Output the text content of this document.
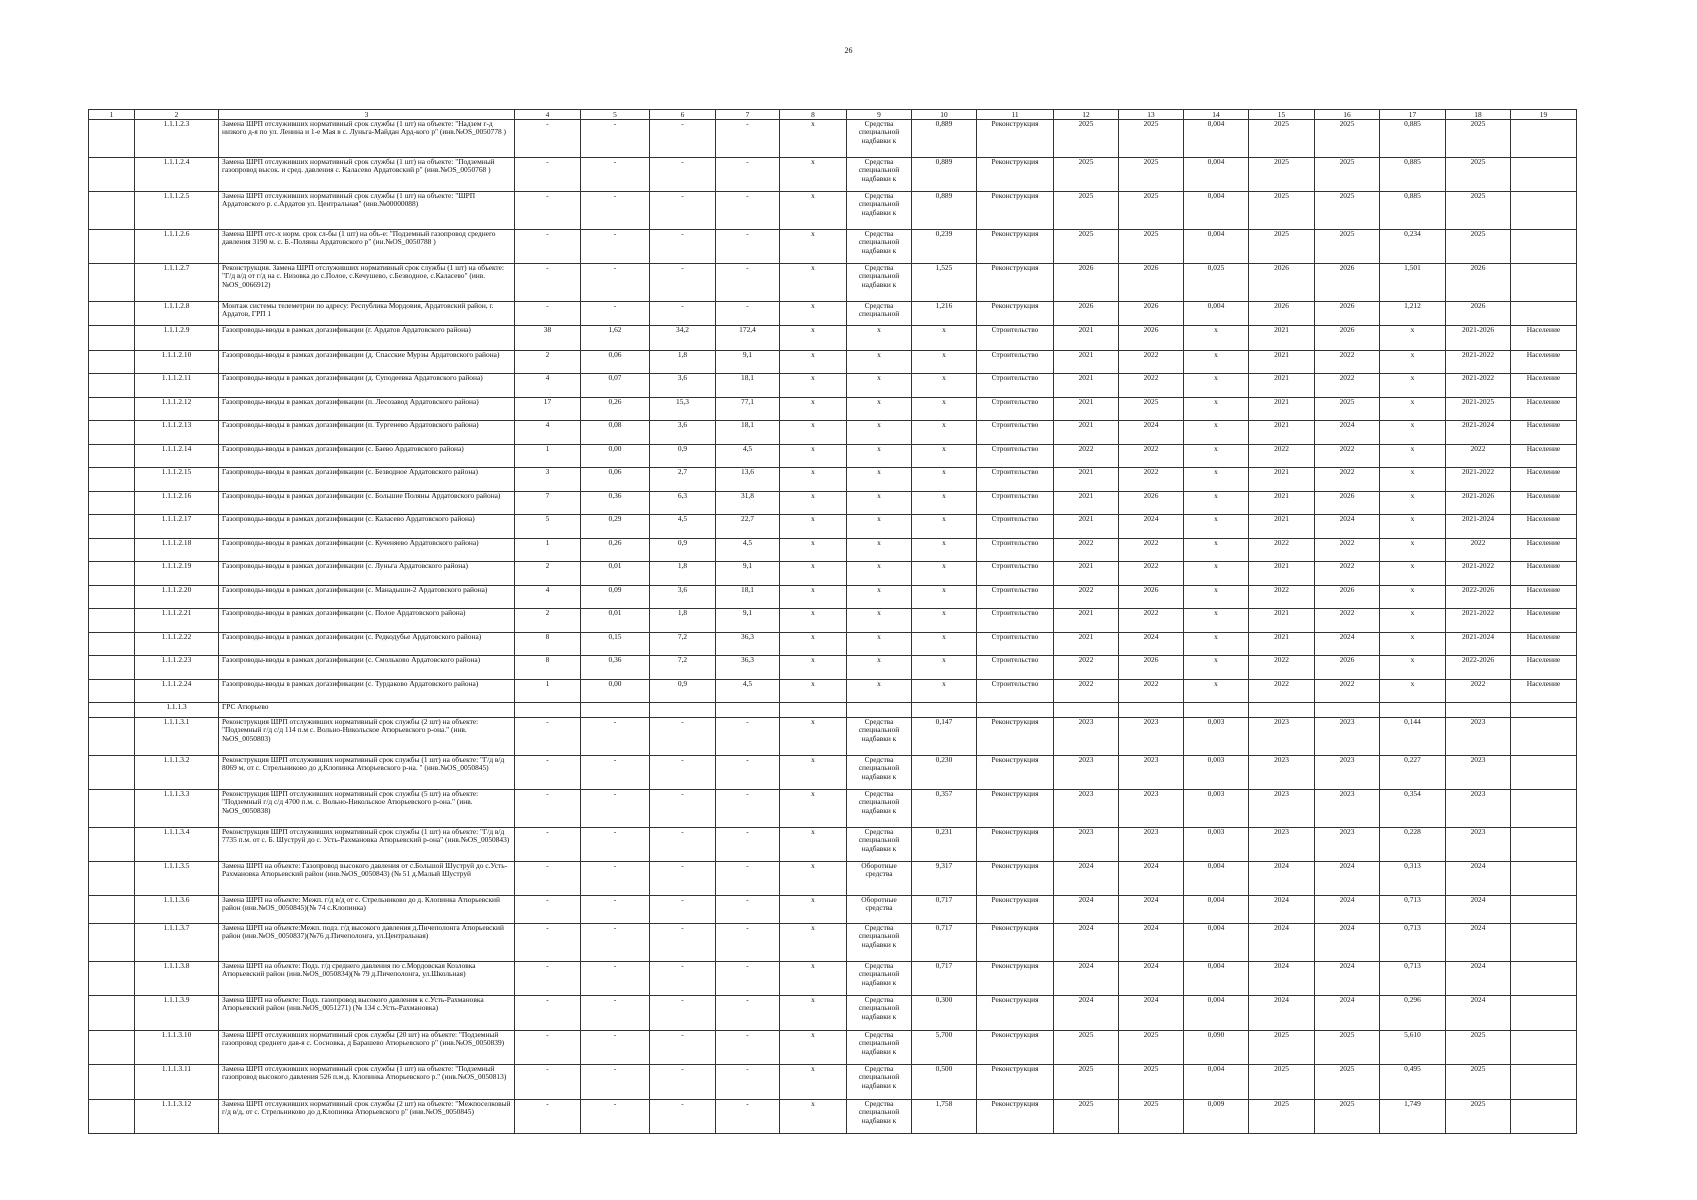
26
1	2	3	4	5	6	7	8	9	10	11	12	13	14	15	16	17	18	19
	1.1.1.2.3	Замена ШРП отслуживших нормативный срок службы (1 шт) на объекте: "Надзем г-д низкого д-я по ул. Ленина и 1-е Мая в с. Луньга-Майдан Ард-кого р" (инв.№OS_0050778 )	-	-	-	-	x	Средства специальной надбавки к	0,889	Реконструкция	2025	2025	0,004	2025	2025	0,885	2025	
	1.1.1.2.4	Замена ШРП отслуживших нормативный срок службы (1 шт) на объекте: "Подземный газопровод высок. и сред. давления с. Каласево Ардатовский р" (инв.№OS_0050768 )	-	-	-	-	x	Средства специальной надбавки к	0,889	Реконструкция	2025	2025	0,004	2025	2025	0,885	2025	
	1.1.1.2.5	Замена ШРП отслуживших нормативный срок службы (1 шт) на объекте: "ШРП Ардатовского р. с.Ардатов ул. Центральная" (инв.№00000088)	-	-	-	-	x	Средства специальной надбавки к	0,889	Реконструкция	2025	2025	0,004	2025	2025	0,885	2025	
	1.1.1.2.6	Замена ШРП отс-х норм. срок сл-бы (1 шт) на объ-е: "Подземный газопровод среднего давления 3190 м. с. Б.-Поляны Ардатовского р" (ин.№OS_0050788 )	-	-	-	-	x	Средства специальной надбавки к	0,239	Реконструкция	2025	2025	0,004	2025	2025	0,234	2025	
	1.1.1.2.7	Реконструкция. Замена ШРП отслуживших нормативный срок службы (1 шт) на объекте: "Г/д в/д от г/д на с. Низовка до с.Полое, с.Кечушево, с.Безводное, с.Каласево" (инв.№OS_0066912)	-	-	-	-	x	Средства специальной надбавки к	1,525	Реконструкция	2026	2026	0,025	2026	2026	1,501	2026	
	1.1.1.2.8	Монтаж системы телеметрии по адресу: Республика Мордовия, Ардатовский район, г. Ардатов, ГРП 1	-	-	-	-	x	Средства специальной	1,216	Реконструкция	2026	2026	0,004	2026	2026	1,212	2026	
	1.1.1.2.9	Газопроводы-вводы в рамках догазификации (г. Ардатов Ардатовского района)	38	1,62	34,2	172,4	x	x	x	Строительство	2021	2026	x	2021	2026	x	2021-2026	Население
	1.1.1.2.10	Газопроводы-вводы в рамках догазификации (д. Спасские Мурзы Ардатовского района)	2	0,06	1,8	9,1	x	x	x	Строительство	2021	2022	x	2021	2022	x	2021-2022	Население
	1.1.1.2.11	Газопроводы-вводы в рамках догазификации (д. Суподеевка Ардатовского района)	4	0,07	3,6	18,1	x	x	x	Строительство	2021	2022	x	2021	2022	x	2021-2022	Население
	1.1.1.2.12	Газопроводы-вводы в рамках догазификации (п. Лесозавод Ардатовского района)	17	0,26	15,3	77,1	x	x	x	Строительство	2021	2025	x	2021	2025	x	2021-2025	Население
	1.1.1.2.13	Газопроводы-вводы в рамках догазификации (п. Тургенево Ардатовского района)	4	0,08	3,6	18,1	x	x	x	Строительство	2021	2024	x	2021	2024	x	2021-2024	Население
	1.1.1.2.14	Газопроводы-вводы в рамках догазификации (с. Баево Ардатовского района)	1	0,00	0,9	4,5	x	x	x	Строительство	2022	2022	x	2022	2022	x	2022	Население
	1.1.1.2.15	Газопроводы-вводы в рамках догазификации (с. Безводное Ардатовского района)	3	0,06	2,7	13,6	x	x	x	Строительство	2021	2022	x	2021	2022	x	2021-2022	Население
	1.1.1.2.16	Газопроводы-вводы в рамках догазификации (с. Большие Поляны Ардатовского района)	7	0,36	6,3	31,8	x	x	x	Строительство	2021	2026	x	2021	2026	x	2021-2026	Население
	1.1.1.2.17	Газопроводы-вводы в рамках догазификации (с. Каласево Ардатовского района)	5	0,29	4,5	22,7	x	x	x	Строительство	2021	2024	x	2021	2024	x	2021-2024	Население
	1.1.1.2.18	Газопроводы-вводы в рамках догазификации (с. Кученяево Ардатовского района)	1	0,26	0,9	4,5	x	x	x	Строительство	2022	2022	x	2022	2022	x	2022	Население
	1.1.1.2.19	Газопроводы-вводы в рамках догазификации (с. Луньга Ардатовского района)	2	0,01	1,8	9,1	x	x	x	Строительство	2021	2022	x	2021	2022	x	2021-2022	Население
	1.1.1.2.20	Газопроводы-вводы в рамках догазификации (с. Манадыши-2 Ардатовского района)	4	0,09	3,6	18,1	x	x	x	Строительство	2022	2026	x	2022	2026	x	2022-2026	Население
	1.1.1.2.21	Газопроводы-вводы в рамках догазификации (с. Полое Ардатовского района)	2	0,01	1,8	9,1	x	x	x	Строительство	2021	2022	x	2021	2022	x	2021-2022	Население
	1.1.1.2.22	Газопроводы-вводы в рамках догазификации (с. Редкодубье Ардатовского района)	8	0,15	7,2	36,3	x	x	x	Строительство	2021	2024	x	2021	2024	x	2021-2024	Население
	1.1.1.2.23	Газопроводы-вводы в рамках догазификации (с. Смольково Ардатовского района)	8	0,36	7,2	36,3	x	x	x	Строительство	2022	2026	x	2022	2026	x	2022-2026	Население
	1.1.1.2.24	Газопроводы-вводы в рамках догазификации (с. Турдаково Ардатовского района)	1	0,00	0,9	4,5	x	x	x	Строительство	2022	2022	x	2022	2022	x	2022	Население
	1.1.1.3	ГРС Атюрьево																
	1.1.1.3.1	Реконструкция ШРП отслуживших нормативный срок службы (2 шт) на объекте: "Подземный г/д с/д 114 п.м с. Вольно-Никольское Атюрьевского р-она." (инв.№OS_0050803)	-	-	-	-	x	Средства специальной надбавки к	0,147	Реконструкция	2023	2023	0,003	2023	2023	0,144	2023	
	1.1.1.3.2	Реконструкция ШРП отслуживших нормативный срок службы (1 шт) на объекте: "Г/д в/д 8069 м, от с. Стрельниково до д.Клопинка Атюрьевского р-на. " (инв.№OS_0050845)	-	-	-	-	x	Средства специальной надбавки к	0,230	Реконструкция	2023	2023	0,003	2023	2023	0,227	2023	
	1.1.1.3.3	Реконструкция ШРП отслуживших нормативный срок службы (5 шт) на объекте: "Подземный г/д с/д 4700 п.м. с. Вольно-Никольское Атюрьевского р-она." (инв.№OS_0050838)	-	-	-	-	x	Средства специальной надбавки к	0,357	Реконструкция	2023	2023	0,003	2023	2023	0,354	2023	
	1.1.1.3.4	Реконструкция ШРП отслуживших нормативный срок службы (1 шт) на объекте: "Г/д в/д 7735 п.м. от с. Б. Шуструй до с. Усть-Рахмановка Атюрьевский р-она" (инв.№OS_0050843)	-	-	-	-	x	Средства специальной надбавки к	0,231	Реконструкция	2023	2023	0,003	2023	2023	0,228	2023	
	1.1.1.3.5	Замена ШРП на объекте: Газопровод высокого давления от с.Большой Шуструй до с.Усть-Рахмановка Атюрьевский район (инв.№OS_0050843) (№ 51 д.Малый Шуструй	-	-	-	-	x	Оборотные средства	9,317	Реконструкция	2024	2024	0,004	2024	2024	0,313	2024	
	1.1.1.3.6	Замена ШРП на объекте: Межп. г/д в/д от с. Стрельниково до д. Клопинка Атюрьевский район (инв.№OS_0050845)(№ 74 с.Клопинка)	-	-	-	-	x	Оборотные средства	0,717	Реконструкция	2024	2024	0,004	2024	2024	0,713	2024	
	1.1.1.3.7	Замена ШРП на объекте:Межп. подз. г/д высокого давления д.Пичеполонга Атюрьевский район (инв.№OS_0050837)(№76 д.Пичеполонга, ул.Центральная)	-	-	-	-	x	Средства специальной надбавки к	0,717	Реконструкция	2024	2024	0,004	2024	2024	0,713	2024	
	1.1.1.3.8	Замена ШРП на объекте: Подз. г/д среднего давления по с.Мордовская Козловка Атюрьевский район (инв.№OS_0050834)(№ 79 д.Пичеполонга, ул.Школьная)	-	-	-	-	x	Средства специальной надбавки к	0,717	Реконструкция	2024	2024	0,004	2024	2024	0,713	2024	
	1.1.1.3.9	Замена ШРП на объекте: Подз. газопровод высокого давления к с.Усть-Рахмановка Атюрьевский район (инв.№OS_0051271) (№ 134 с.Усть-Рахмановка)	-	-	-	-	x	Средства специальной надбавки к	0,300	Реконструкция	2024	2024	0,004	2024	2024	0,296	2024	
	1.1.1.3.10	Замена ШРП отслуживших нормативный срок службы (20 шт) на объекте: "Подземный газопровод среднего дав-я с. Сосновка, д Барашево Атюрьевского р" (инв.№OS_0050839)	-	-	-	-	x	Средства специальной надбавки к	5,700	Реконструкция	2025	2025	0,090	2025	2025	5,610	2025	
	1.1.1.3.11	Замена ШРП отслуживших нормативный срок службы (1 шт) на объекте: "Подземный газопровод высокого давления 526 п.м.д. Клопинка Атюрьевского р." (инв.№OS_0050813)	-	-	-	-	x	Средства специальной надбавки к	0,500	Реконструкция	2025	2025	0,004	2025	2025	0,495	2025	
	1.1.1.3.12	Замена ШРП отслуживших нормативный срок службы (2 шт) на объекте: "Межпоселковый г/д в/д, от с. Стрельниково до д.Клопинка Атюрьевского р" (инв.№OS_0050845)	-	-	-	-	x	Средства специальной надбавки к	1,758	Реконструкция	2025	2025	0,009	2025	2025	1,749	2025	
